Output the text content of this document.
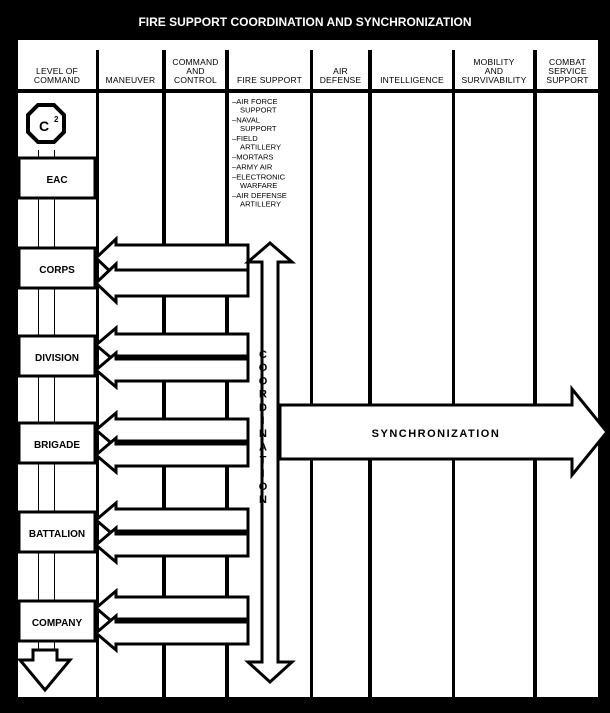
FIRE SUPPORT COORDINATION AND SYNCHRONIZATION
LEVEL OF
COMMAND	MANEUVER
COMMAND
AND
CONTROL FIRE SUPPORT
AIR
DEFENSE INTELLIGENCE
MOBILITY
AND
SURVIVABILITY
COMBAT
SERVICE
SUPPORT
C 2
EAC
CORPS
DIVISION
BRIGADE
BATTALION
COMPANY
–AIR FORCE
SUPPORT
–NAVAL
SUPPORT
–FIELD
ARTILLERY
–MORTARS
–ARMY AIR
–ELECTRONIC
WARFARE
–AIR DEFENSE
ARTILLERY
C
O
O
R
D
I
N
A
T
I
O
N
SYNCHRONIZATION
